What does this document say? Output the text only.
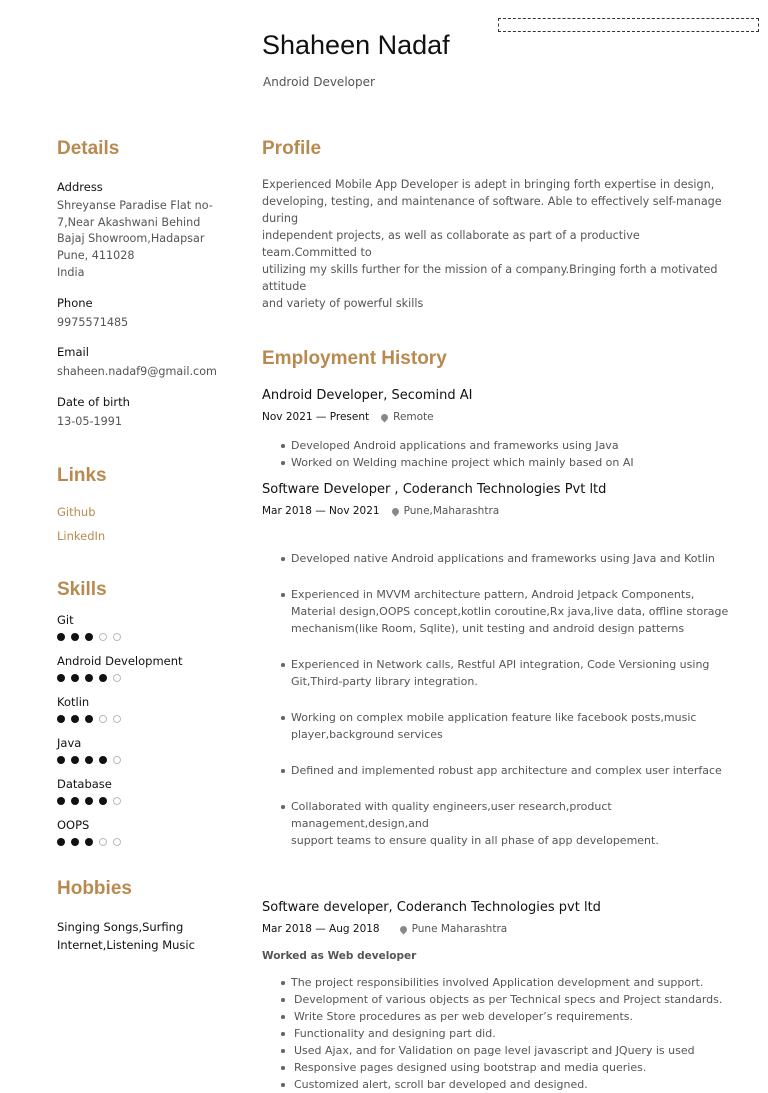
Shaheen Nadaf
Android Developer
Details
Address
Shreyanse Paradise Flat no-
7,Near Akashwani Behind
Bajaj Showroom,Hadapsar
Pune, 411028
India
Phone
9975571485
Email
shaheen.nadaf9@gmail.com
Date of birth
13-05-1991
Links
Github
LinkedIn
Skills
Git
Android Development
Kotlin
Java
Database
OOPS
Hobbies
Singing Songs,Surfing
Internet,Listening Music
Profile
Experienced Mobile App Developer is adept in bringing forth expertise in design,
developing, testing, and maintenance of software. Able to effectively self-manage during
independent projects, as well as collaborate as part of a productive team.Committed to
utilizing my skills further for the mission of a company.Bringing forth a motivated attitude
and variety of powerful skills
Employment History
Android Developer, Secomind AI
Nov 2021 — Present Remote
Developed Android applications and frameworks using Java
Worked on Welding machine project which mainly based on AI
Software Developer , Coderanch Technologies Pvt ltd
Mar 2018 — Nov 2021 Pune,Maharashtra

Developed native Android applications and frameworks using Java and Kotlin

Experienced in MVVM architecture pattern, Android Jetpack Components,
Material design,OOPS concept,kotlin coroutine,Rx java,live data, offline storage
mechanism(like Room, Sqlite), unit testing and android design patterns

Experienced in Network calls, Restful API integration, Code Versioning using
Git,Third-party library integration.

Working on complex mobile application feature like facebook posts,music
player,background services

Defined and implemented robust app architecture and complex user interface

Collaborated with quality engineers,user research,product management,design,and
support teams to ensure quality in all phase of app developement.

Software developer, Coderanch Technologies pvt ltd
Mar 2018 — Aug 2018	Pune Maharashtra
Worked as Web developer
The project responsibilities involved Application development and support.
Development of various objects as per Technical specs and Project standards.
Write Store procedures as per web developer’s requirements.
Functionality and designing part did.
Used Ajax, and for Validation on page level javascript and JQuery is used
Responsive pages designed using bootstrap and media queries.
Customized alert, scroll bar developed and designed.
